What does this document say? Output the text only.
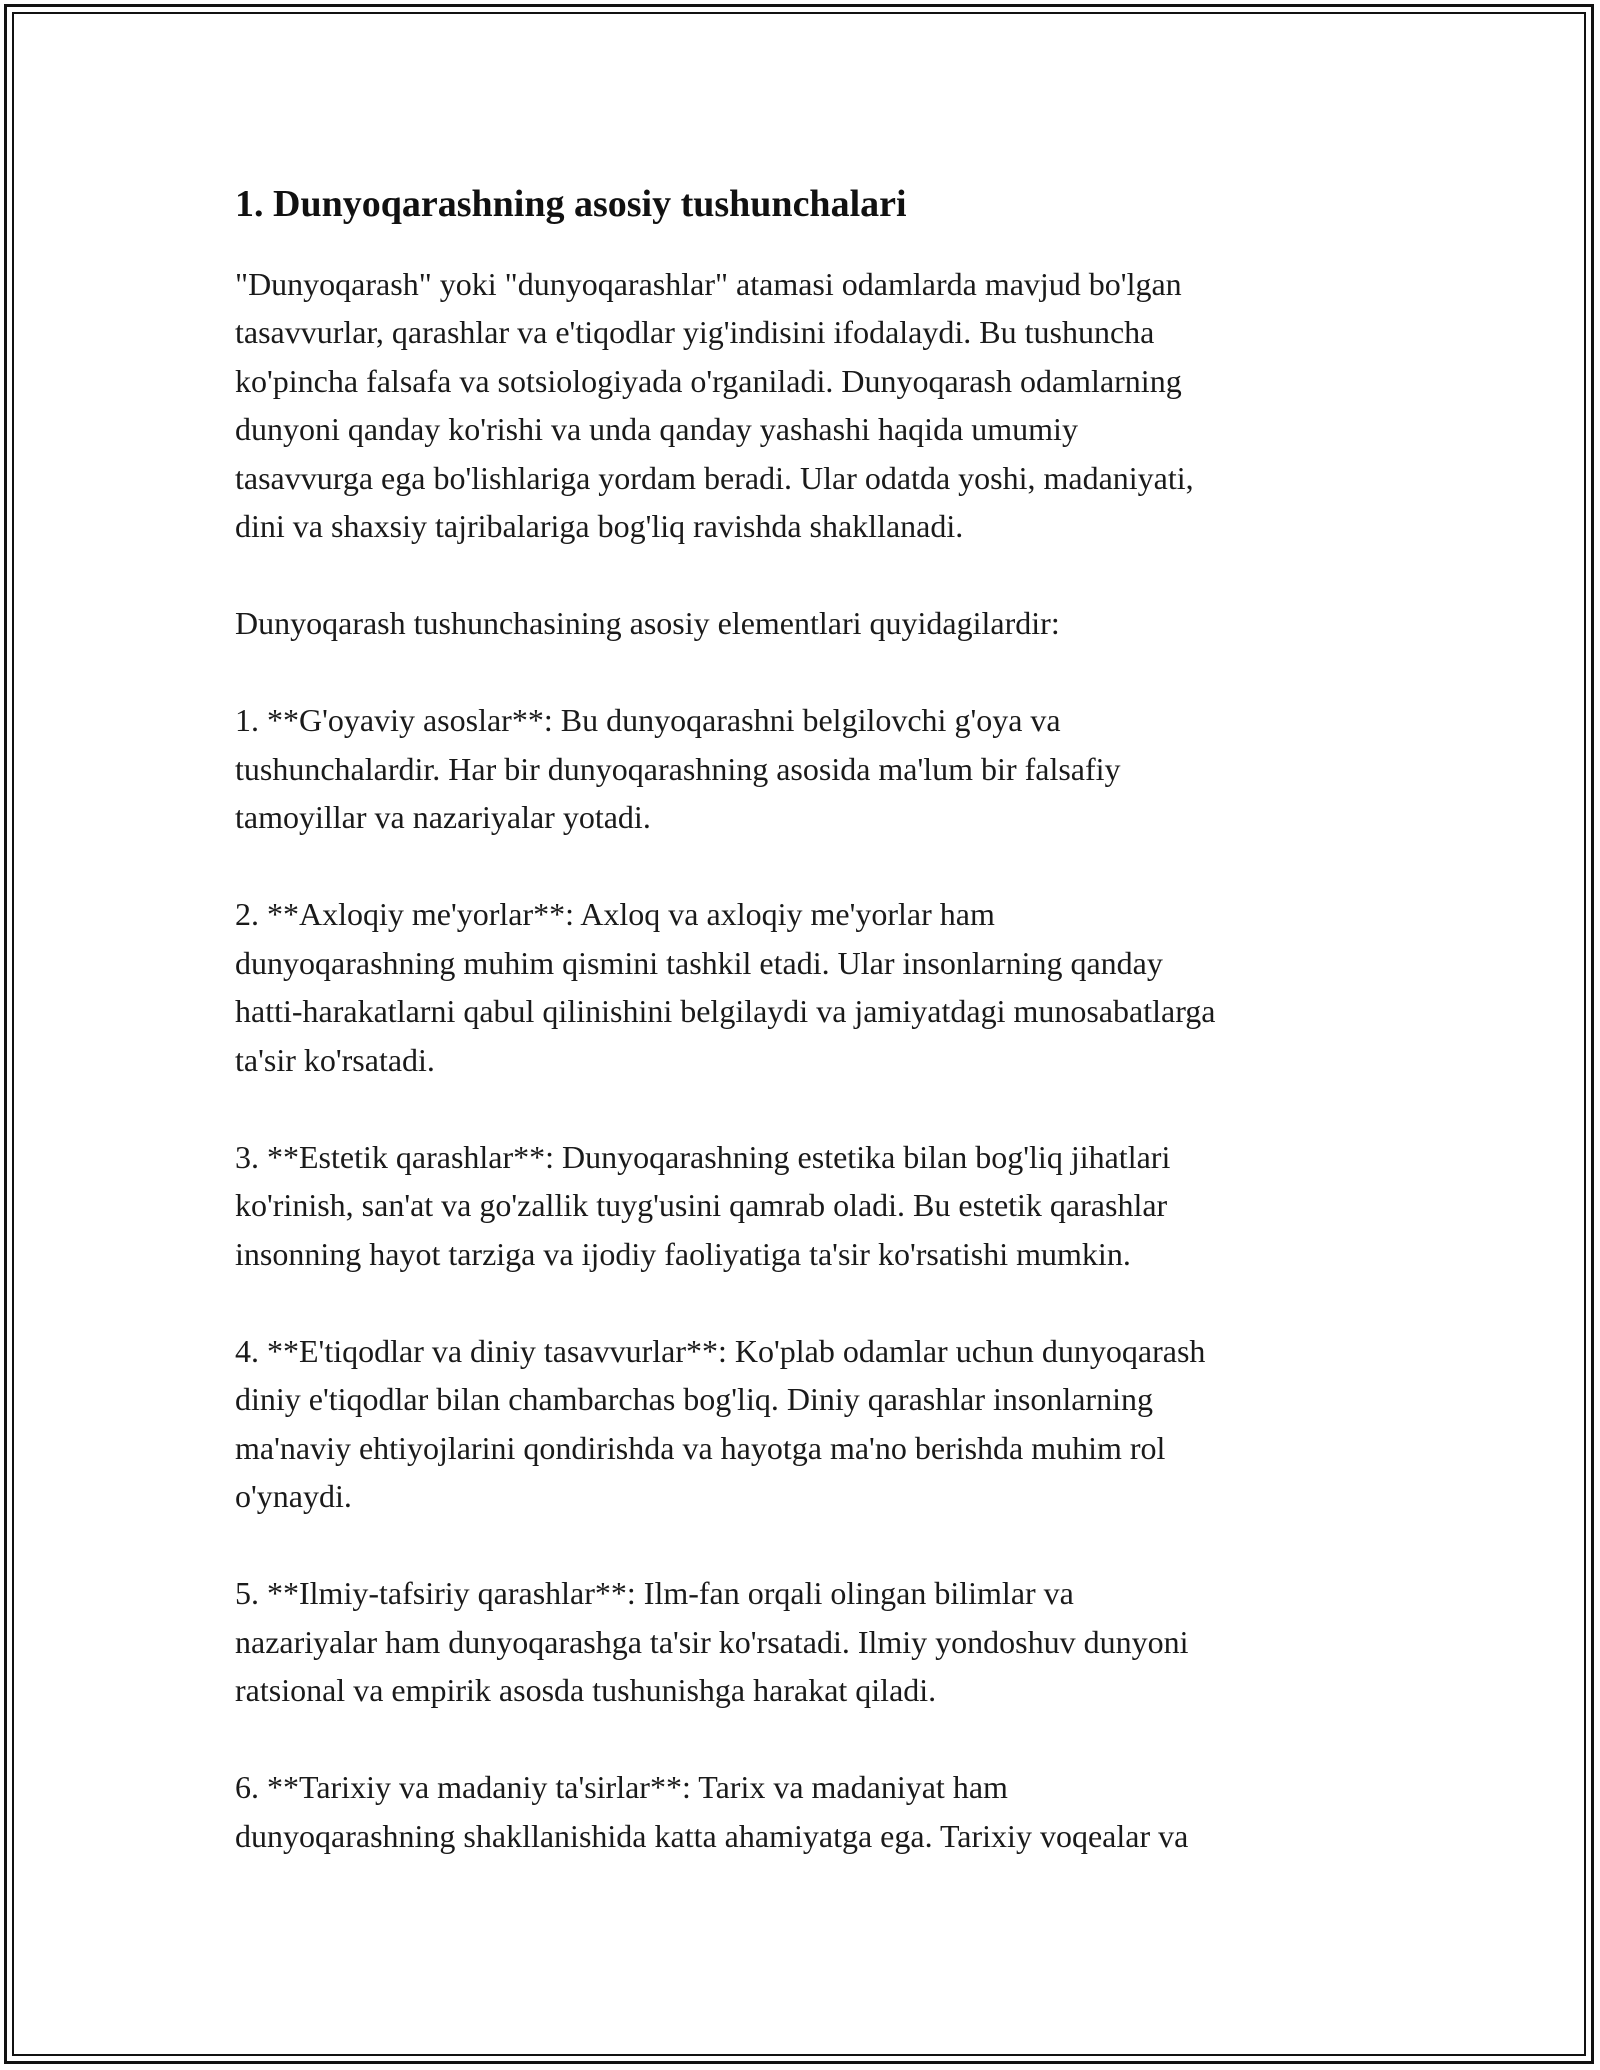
1. Dunyoqarashning asosiy tushunchalari

"Dunyoqarash" yoki "dunyoqarashlar" atamasi odamlarda mavjud bo'lgan
tasavvurlar, qarashlar va e'tiqodlar yig'indisini ifodalaydi. Bu tushuncha
ko'pincha falsafa va sotsiologiyada o'rganiladi. Dunyoqarash odamlarning
dunyoni qanday ko'rishi va unda qanday yashashi haqida umumiy
tasavvurga ega bo'lishlariga yordam beradi. Ular odatda yoshi, madaniyati,
dini va shaxsiy tajribalariga bog'liq ravishda shakllanadi.

Dunyoqarash tushunchasining asosiy elementlari quyidagilardir:

1. **G'oyaviy asoslar**: Bu dunyoqarashni belgilovchi g'oya va
tushunchalardir. Har bir dunyoqarashning asosida ma'lum bir falsafiy
tamoyillar va nazariyalar yotadi.

2. **Axloqiy me'yorlar**: Axloq va axloqiy me'yorlar ham
dunyoqarashning muhim qismini tashkil etadi. Ular insonlarning qanday
hatti-harakatlarni qabul qilinishini belgilaydi va jamiyatdagi munosabatlarga
ta'sir ko'rsatadi.

3. **Estetik qarashlar**: Dunyoqarashning estetika bilan bog'liq jihatlari
ko'rinish, san'at va go'zallik tuyg'usini qamrab oladi. Bu estetik qarashlar
insonning hayot tarziga va ijodiy faoliyatiga ta'sir ko'rsatishi mumkin.

4. **E'tiqodlar va diniy tasavvurlar**: Ko'plab odamlar uchun dunyoqarash
diniy e'tiqodlar bilan chambarchas bog'liq. Diniy qarashlar insonlarning
ma'naviy ehtiyojlarini qondirishda va hayotga ma'no berishda muhim rol
o'ynaydi.

5. **Ilmiy-tafsiriy qarashlar**: Ilm-fan orqali olingan bilimlar va
nazariyalar ham dunyoqarashga ta'sir ko'rsatadi. Ilmiy yondoshuv dunyoni
ratsional va empirik asosda tushunishga harakat qiladi.

6. **Tarixiy va madaniy ta'sirlar**: Tarix va madaniyat ham
dunyoqarashning shakllanishida katta ahamiyatga ega. Tarixiy voqealar va
